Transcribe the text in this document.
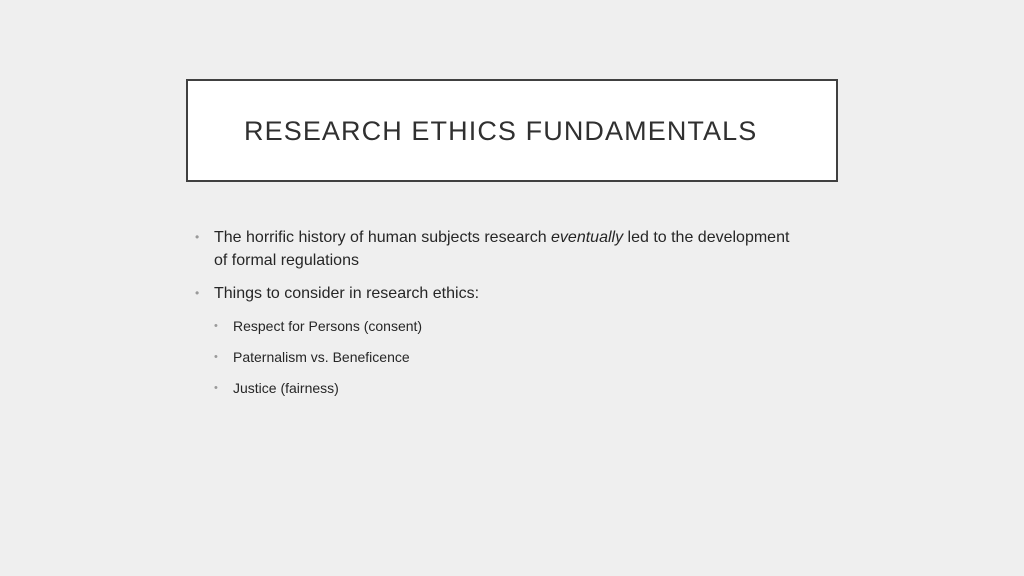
RESEARCH ETHICS FUNDAMENTALS
• The horrific history of human subjects research eventually led to the development of formal regulations
• Things to consider in research ethics:
• Respect for Persons (consent)
• Paternalism vs. Beneficence
• Justice (fairness)
